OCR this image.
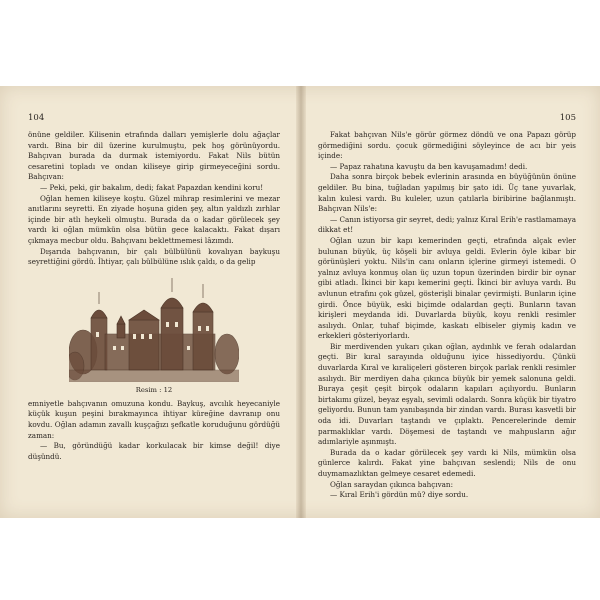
104

önüne geldiler. Kilisenin etrafında dalları yemişlerle dolu ağaçlar vardı. Bina bir dil üzerine kurulmuştu, pek hoş görünüyordu. Bahçıvan burada da durmak istemiyordu. Fakat Nils bütün cesaretini topladı ve ondan kiliseye girip girmeyeceğini sordu. Bahçıvan:

— Peki, peki, gir bakalım, dedi; fakat Papazdan kendini koru!

Oğlan hemen kiliseye koştu. Güzel mihrap resimlerini ve mezar anıtlarını seyretti. En ziyade hoşuna giden şey, altın yaldızlı zırhlar içinde bir atlı heykeli olmuştu. Burada da o kadar görülecek şey vardı ki oğlan mümkün olsa bütün gece kalacaktı. Fakat dışarı çıkmaya mecbur oldu. Bahçıvanı beklettmemesi lâzımdı.

Dışarıda bahçıvanın, bir çalı bülbülünü kovalıyan baykuşu seyrettiğini gördü. İhtiyar, çalı bülbülüne ıslık çaldı, o da gelip

Resim : 12

emniyetle bahçıvanın omuzuna kondu. Baykuş, avcılık heyecaniyle küçük kuşun peşini bırakmayınca ihtiyar küreğine davranıp onu kovdu. Oğlan adamın zavallı kuşçağızı şefkatle koruduğunu gördüğü zaman:

— Bu, göründüğü kadar korkulacak bir kimse değil! diye düşündü.

105

Fakat bahçıvan Nils'e görür görmez döndü ve ona Papazı görüp görmediğini sordu. çocuk görmediğini söyleyince de acı bir yeis içinde:

— Papaz rahatına kavuştu da ben kavuşamadım! dedi.

Daha sonra birçok bebek evlerinin arasında en büyüğünün önüne geldiler. Bu bina, tuğladan yapılmış bir şato idi. Üç tane yuvarlak, kalın kulesi vardı. Bu kuleler, uzun çatılarla biribirine bağlanmıştı. Bahçıvan Nils'e:

— Canın istiyorsa gir seyret, dedi; yalnız Kıral Erih'e rastlamamaya dikkat et!

Oğlan uzun bir kapı kemerinden geçti, etrafında alçak evler bulunan büyük, üç köşeli bir avluya geldi. Evlerin öyle kibar bir görünüşleri yoktu. Nils'in canı onların içlerine girmeyi istemedi. O yalnız avluya konmuş olan üç uzun topun üzerinden birdir bir oynar gibi atladı. İkinci bir kapı kemerini geçti. İkinci bir avluya vardı. Bu avlunun etrafını çok güzel, gösterişli binalar çevirmişti. Bunların içine girdi. Önce büyük, eski biçimde odalardan geçti. Bunların tavan kirişleri meydanda idi. Duvarlarda büyük, koyu renkli resimler asılıydı. Onlar, tuhaf biçimde, kaskatı elbiseler giymiş kadın ve erkekleri gösteriyorlardı.

Bir merdivenden yukarı çıkan oğlan, aydınlık ve ferah odalardan geçti. Bir kıral sarayında olduğunu iyice hissediyordu. Çünkü duvarlarda Kıral ve kıraliçeleri gösteren birçok parlak renkli resimler asılıydı. Bir merdiyen daha çıkınca büyük bir yemek salonuna geldi. Buraya çeşit çeşit birçok odaların kapıları açılıyordu. Bunların birtakımı güzel, beyaz eşyalı, sevimli odalardı. Sonra küçük bir tiyatro geliyordu. Bunun tam yanıbaşında bir zindan vardı. Burası kasvetli bir oda idi. Duvarları taştandı ve çıplaktı. Pencerelerinde demir parmaklıklar vardı. Döşemesi de taştandı ve mahpusların ağır adımlariyle aşınmıştı.

Burada da o kadar görülecek şey vardı ki Nils, mümkün olsa günlerce kalırdı. Fakat yine bahçıvan seslendi; Nils de onu duymamazlıktan gelmeye cesaret edemedi.

Oğlan saraydan çıkınca bahçıvan:

— Kıral Erih'i gördün mü? diye sordu.
